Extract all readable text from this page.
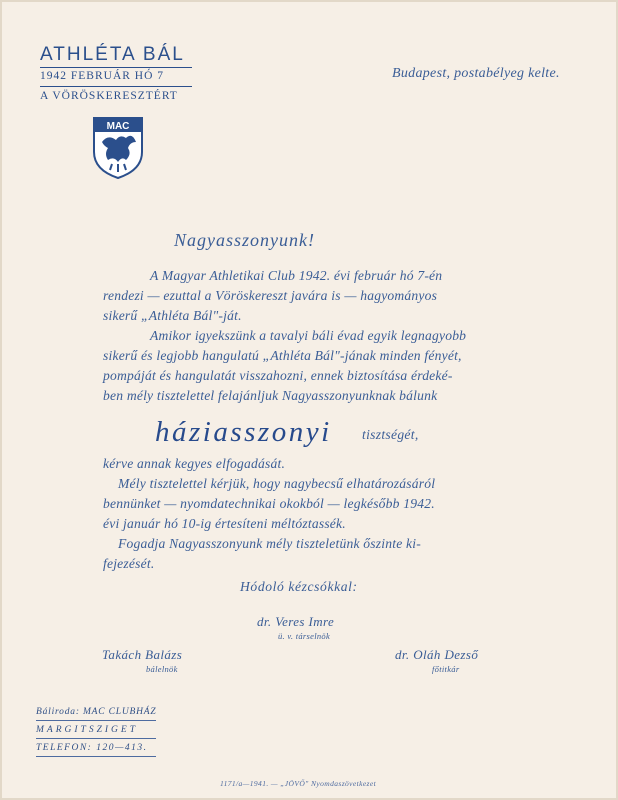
ATHLÉTA BÁL
1942 FEBRUÁR HÓ 7
A VÖRÖSKERESZTÉRT
MAC
Budapest, postabélyeg kelte.
Nagyasszonyunk!
A Magyar Athletikai Club 1942. évi február hó 7-én
rendezi — ezuttal a Vöröskereszt javára is — hagyományos
sikerű „Athléta Bál"-ját.
Amikor igyekszünk a tavalyi báli évad egyik legnagyobb
sikerű és legjobb hangulatú „Athléta Bál"-jának minden fényét,
pompáját és hangulatát visszahozni, ennek biztosítása érdeké-
ben mély tisztelettel felajánljuk Nagyasszonyunknak bálunk
háziasszonyi tisztségét,
kérve annak kegyes elfogadását.
Mély tisztelettel kérjük, hogy nagybecsű elhatározásáról
bennünket — nyomdatechnikai okokból — legkésőbb 1942.
évi január hó 10-ig értesíteni méltóztassék.
Fogadja Nagyasszonyunk mély tiszteletünk őszinte ki-
fejezését.
Hódoló kézcsókkal:
dr. Veres Imre
ü. v. társelnök
Takách Balázs
bálelnök
dr. Oláh Dezső
főtitkár
Báliroda: MAC CLUBHÁZ
MARGITSZIGET
TELEFON: 120—413.
1171/a—1941. — „JÖVŐ" Nyomdaszövetkezet
